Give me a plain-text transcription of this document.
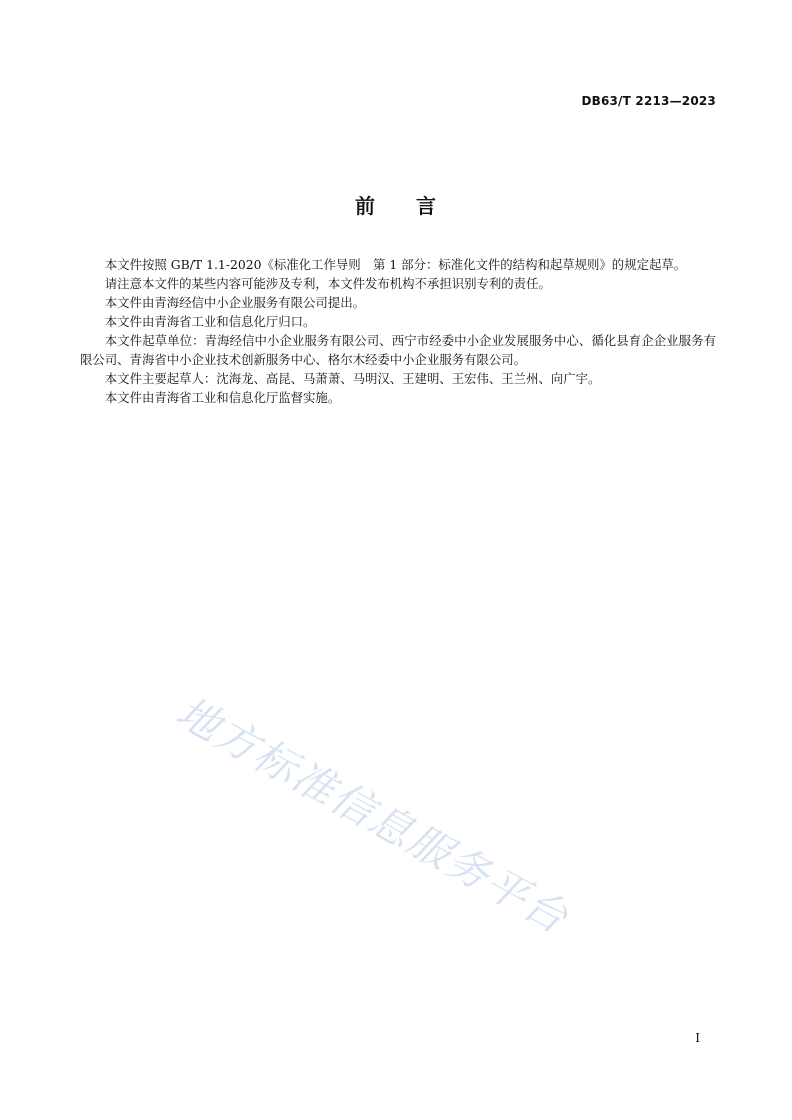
DB63/T 2213—2023
前 言

本文件按照 GB/T 1.1-2020《标准化工作导则　第 1 部分：标准化文件的结构和起草规则》的规定起草。

请注意本文件的某些内容可能涉及专利，本文件发布机构不承担识别专利的责任。

本文件由青海经信中小企业服务有限公司提出。

本文件由青海省工业和信息化厅归口。

本文件起草单位：青海经信中小企业服务有限公司、西宁市经委中小企业发展服务中心、循化县育企企业服务有限公司、青海省中小企业技术创新服务中心、格尔木经委中小企业服务有限公司。

本文件主要起草人：沈海龙、高昆、马萧萧、马明汉、王建明、王宏伟、王兰州、向广宇。

本文件由青海省工业和信息化厅监督实施。

地方标准信息服务平台
I
